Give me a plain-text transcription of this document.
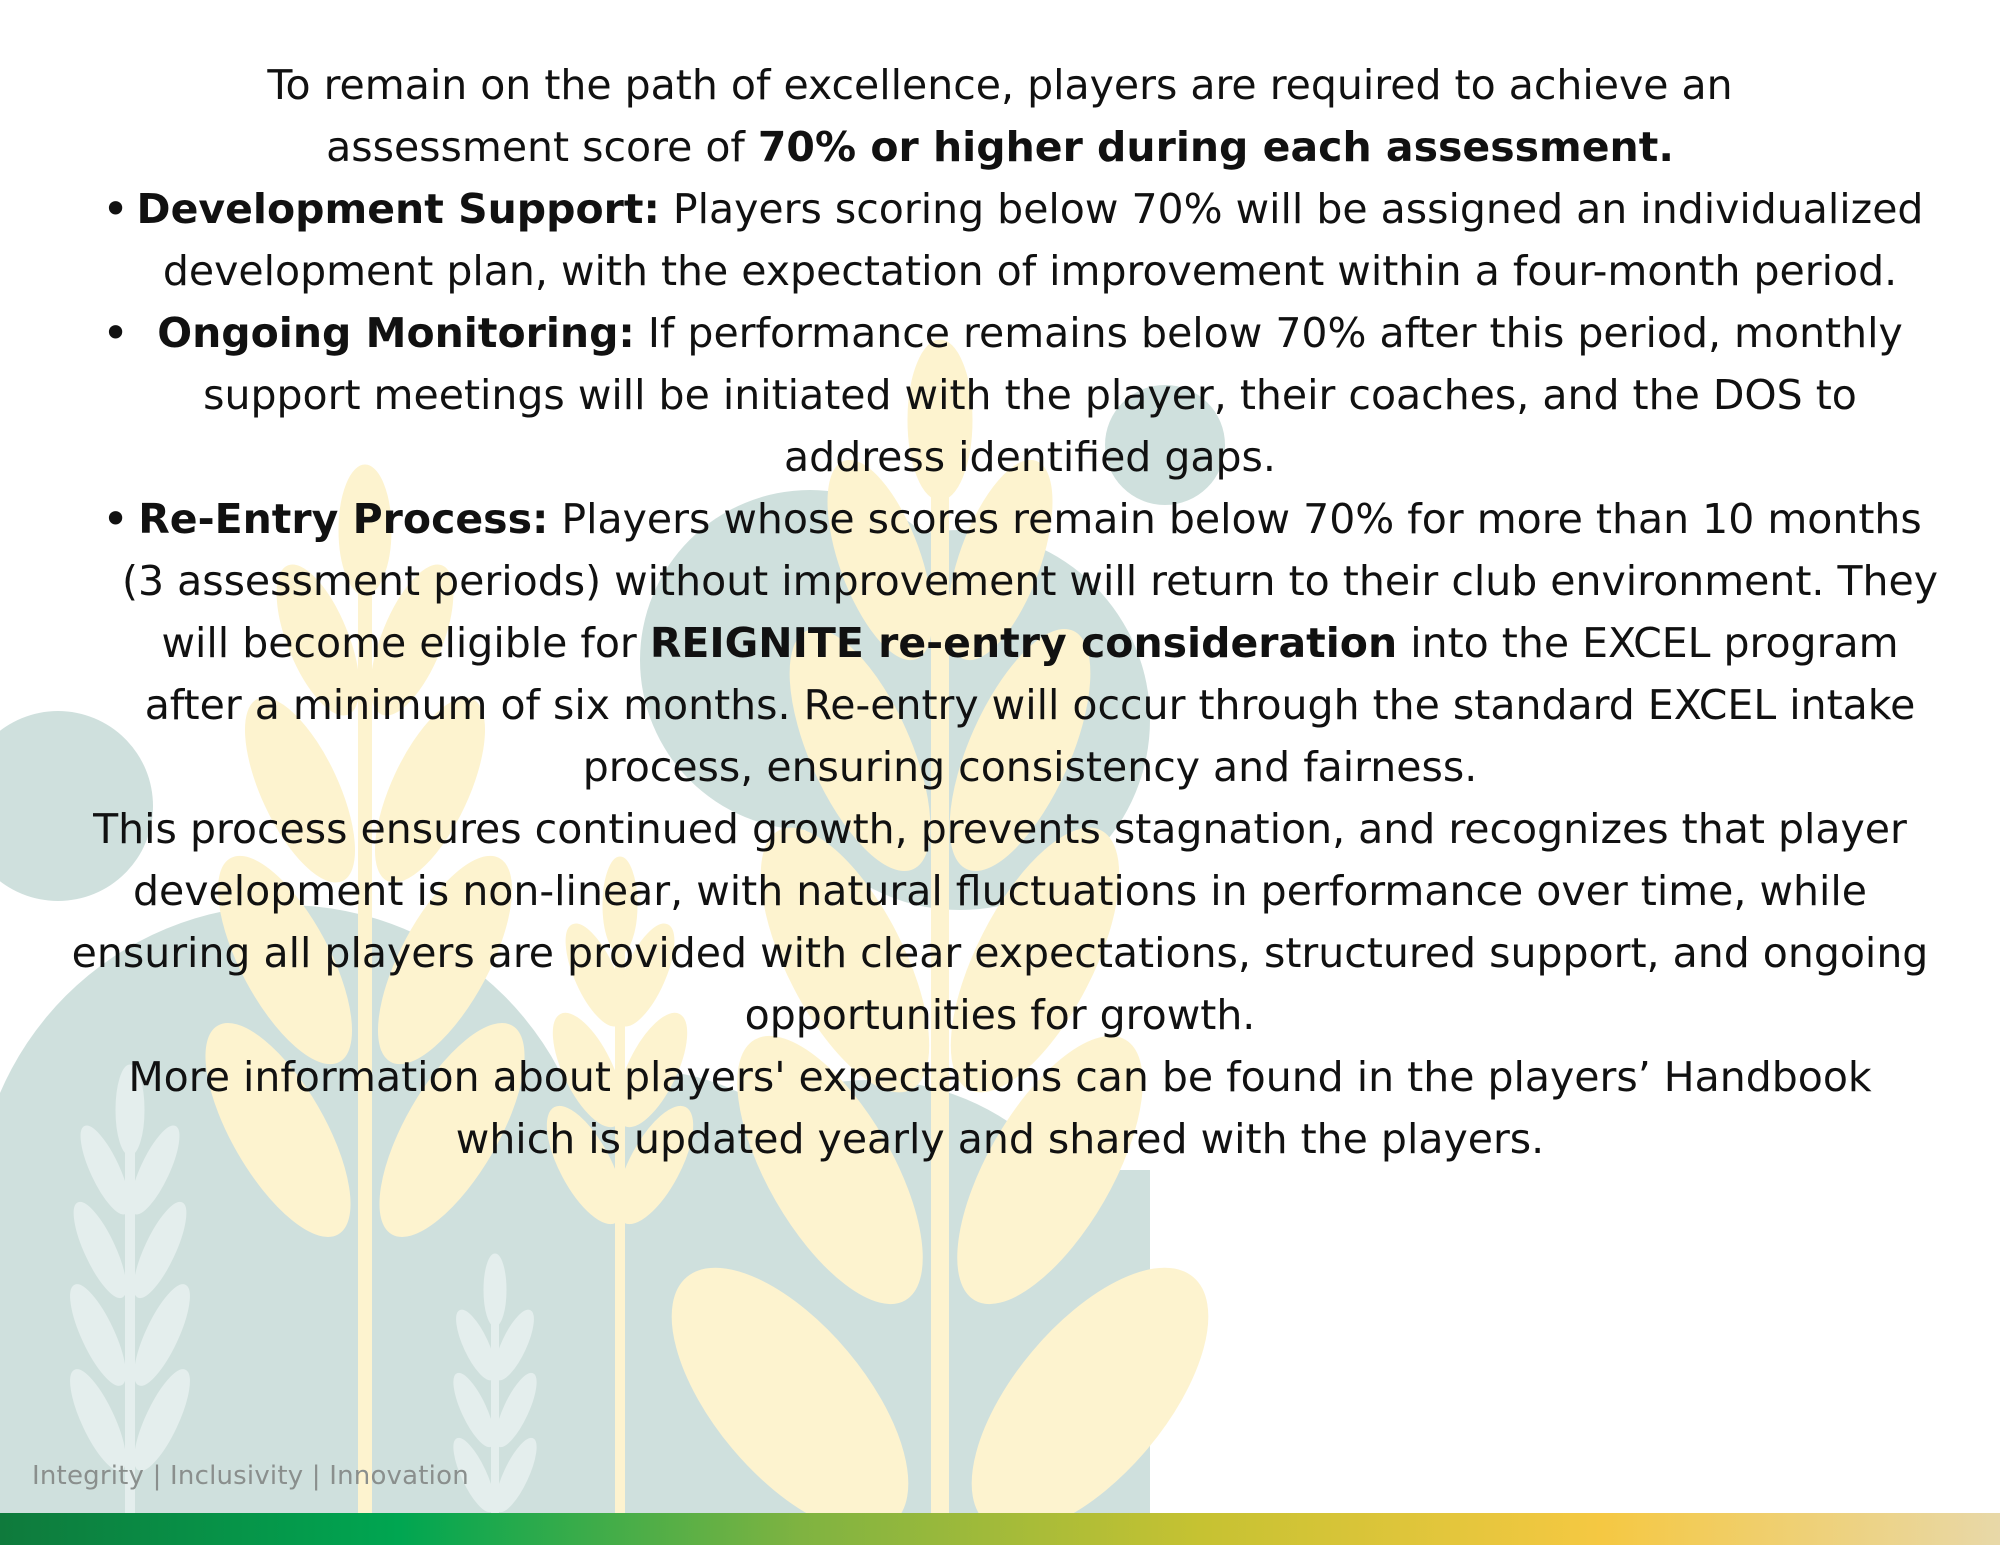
To remain on the path of excellence, players are required to achieve an assessment score of 70% or higher during each assessment.

• Development Support: Players scoring below 70% will be assigned an individualized development plan, with the expectation of improvement within a four-month period.
• Ongoing Monitoring: If performance remains below 70% after this period, monthly support meetings will be initiated with the player, their coaches, and the DOS to address identified gaps.
• Re-Entry Process: Players whose scores remain below 70% for more than 10 months (3 assessment periods) without improvement will return to their club environment. They will become eligible for REIGNITE re-entry consideration into the EXCEL program after a minimum of six months. Re-entry will occur through the standard EXCEL intake process, ensuring consistency and fairness.

This process ensures continued growth, prevents stagnation, and recognizes that player development is non-linear, with natural fluctuations in performance over time, while ensuring all players are provided with clear expectations, structured support, and ongoing opportunities for growth.

More information about players' expectations can be found in the players’ Handbook which is updated yearly and shared with the players.

Integrity | Inclusivity | Innovation
